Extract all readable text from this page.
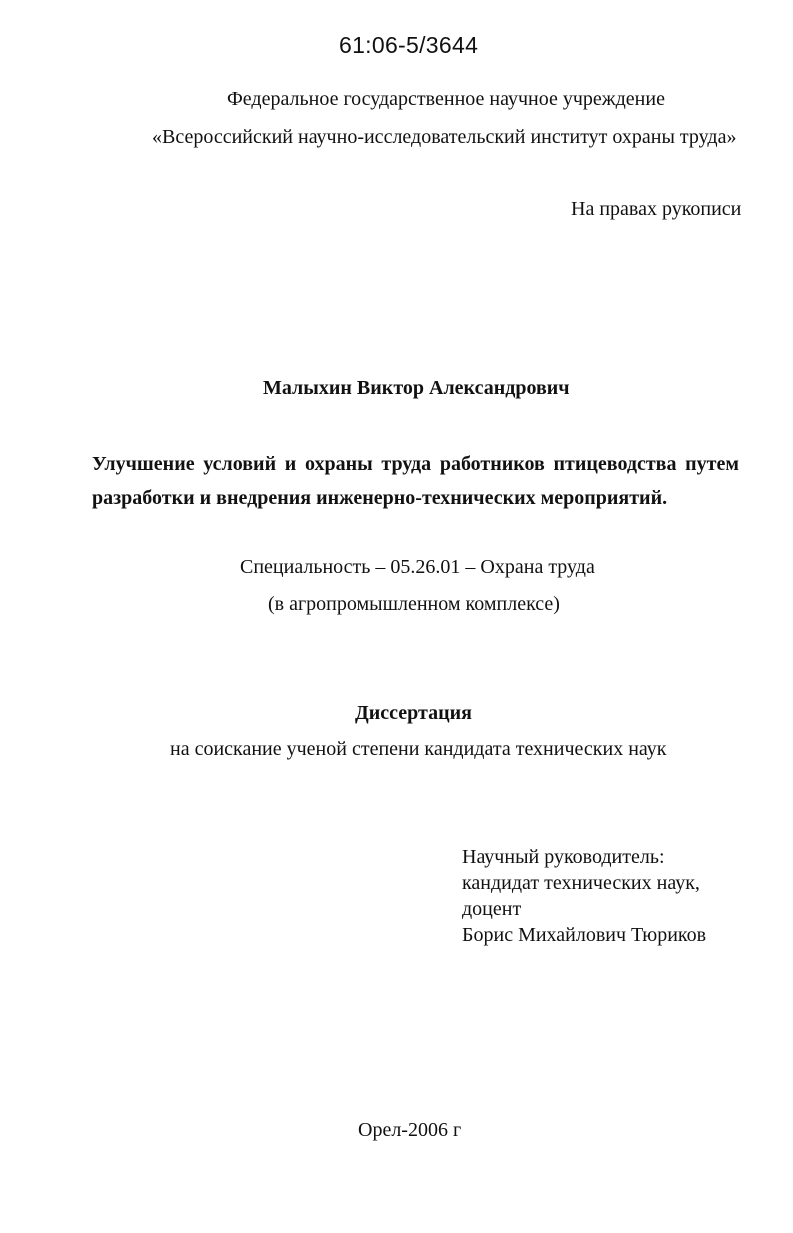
61:06-5/3644
Федеральное государственное научное учреждение
«Всероссийский научно-исследовательский институт охраны труда»
На правах рукописи
Малыхин Виктор Александрович
Улучшение условий и охраны труда работников птицеводства путем
разработки и внедрения инженерно-технических мероприятий.
Специальность – 05.26.01 – Охрана труда
(в агропромышленном комплексе)
Диссертация
на соискание ученой степени кандидата технических наук
Научный руководитель:
кандидат технических наук,
доцент
Борис Михайлович Тюриков
Орел-2006 г
